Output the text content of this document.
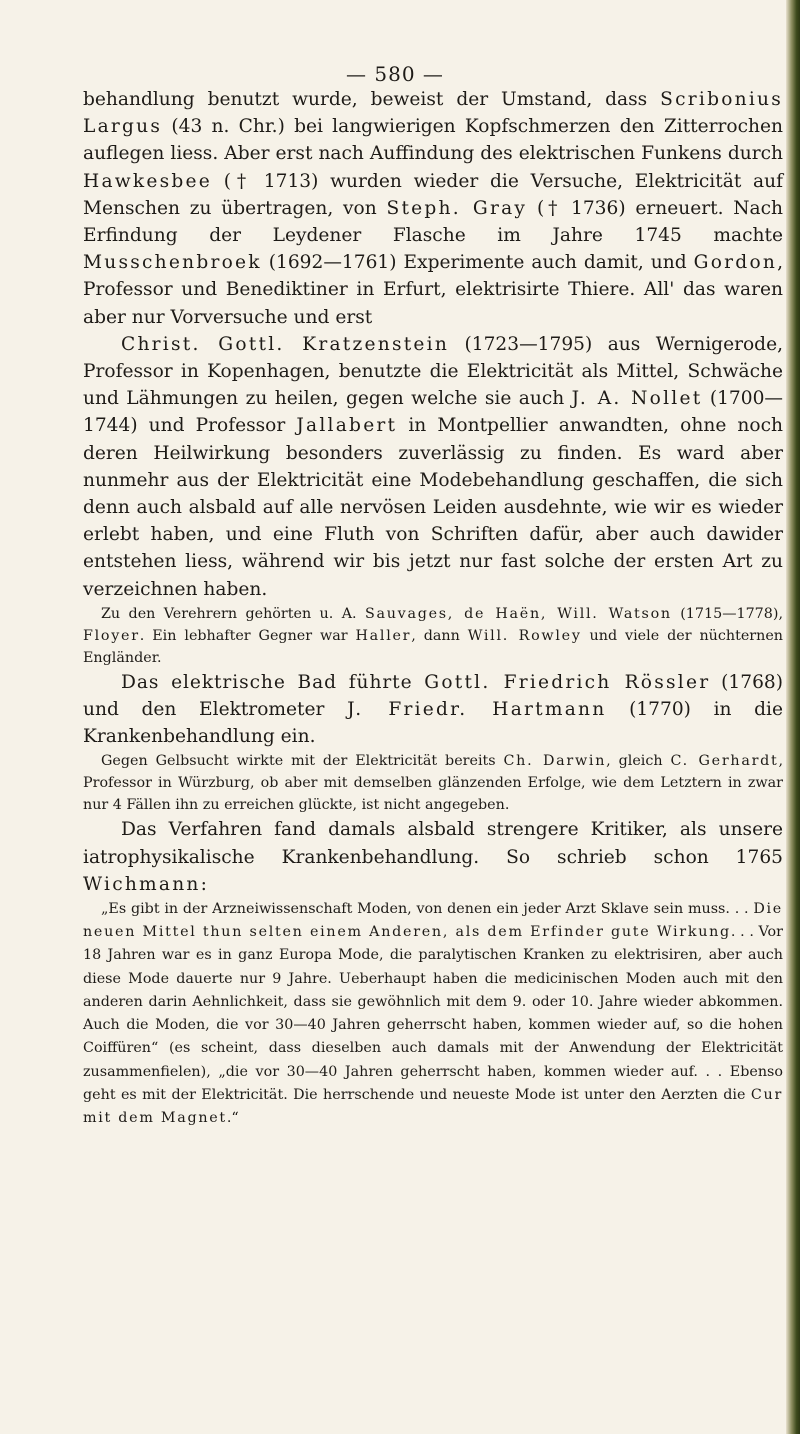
— 580 —

behandlung benutzt wurde, beweist der Umstand, dass Scribonius Largus (43 n. Chr.) bei langwierigen Kopfschmerzen den Zitterrochen auflegen liess. Aber erst nach Auffindung des elektrischen Funkens durch Hawkesbee († 1713) wurden wieder die Versuche, Elektricität auf Menschen zu übertragen, von Steph. Gray († 1736) erneuert. Nach Erfindung der Leydener Flasche im Jahre 1745 machte Musschenbroek (1692—1761) Experimente auch damit, und Gordon, Professor und Benediktiner in Erfurt, elektrisirte Thiere. All' das waren aber nur Vorversuche und erst

Christ. Gottl. Kratzenstein (1723—1795) aus Wernigerode, Professor in Kopenhagen, benutzte die Elektricität als Mittel, Schwäche und Lähmungen zu heilen, gegen welche sie auch J. A. Nollet (1700—1744) und Professor Jallabert in Montpellier anwandten, ohne noch deren Heilwirkung besonders zuverlässig zu finden. Es ward aber nunmehr aus der Elektricität eine Modebehandlung geschaffen, die sich denn auch alsbald auf alle nervösen Leiden ausdehnte, wie wir es wieder erlebt haben, und eine Fluth von Schriften dafür, aber auch dawider entstehen liess, während wir bis jetzt nur fast solche der ersten Art zu verzeichnen haben.

Zu den Verehrern gehörten u. A. Sauvages, de Haën, Will. Watson (1715—1778), Floyer. Ein lebhafter Gegner war Haller, dann Will. Rowley und viele der nüchternen Engländer.

Das elektrische Bad führte Gottl. Friedrich Rössler (1768) und den Elektrometer J. Friedr. Hartmann (1770) in die Krankenbehandlung ein.

Gegen Gelbsucht wirkte mit der Elektricität bereits Ch. Darwin, gleich C. Gerhardt, Professor in Würzburg, ob aber mit demselben glänzenden Erfolge, wie dem Letztern in zwar nur 4 Fällen ihn zu erreichen glückte, ist nicht angegeben.

Das Verfahren fand damals alsbald strengere Kritiker, als unsere iatrophysikalische Krankenbehandlung. So schrieb schon 1765 Wichmann:

„Es gibt in der Arzneiwissenschaft Moden, von denen ein jeder Arzt Sklave sein muss. . . Die neuen Mittel thun selten einem Anderen, als dem Erfinder gute Wirkung. . . Vor 18 Jahren war es in ganz Europa Mode, die paralytischen Kranken zu elektrisiren, aber auch diese Mode dauerte nur 9 Jahre. Ueberhaupt haben die medicinischen Moden auch mit den anderen darin Aehnlichkeit, dass sie gewöhnlich mit dem 9. oder 10. Jahre wieder abkommen. Auch die Moden, die vor 30—40 Jahren geherrscht haben, kommen wieder auf, so die hohen Coiffüren“ (es scheint, dass dieselben auch damals mit der Anwendung der Elektricität zusammenfielen), „die vor 30—40 Jahren geherrscht haben, kommen wieder auf. . . Ebenso geht es mit der Elektricität. Die herrschende und neueste Mode ist unter den Aerzten die Cur mit dem Magnet.“
